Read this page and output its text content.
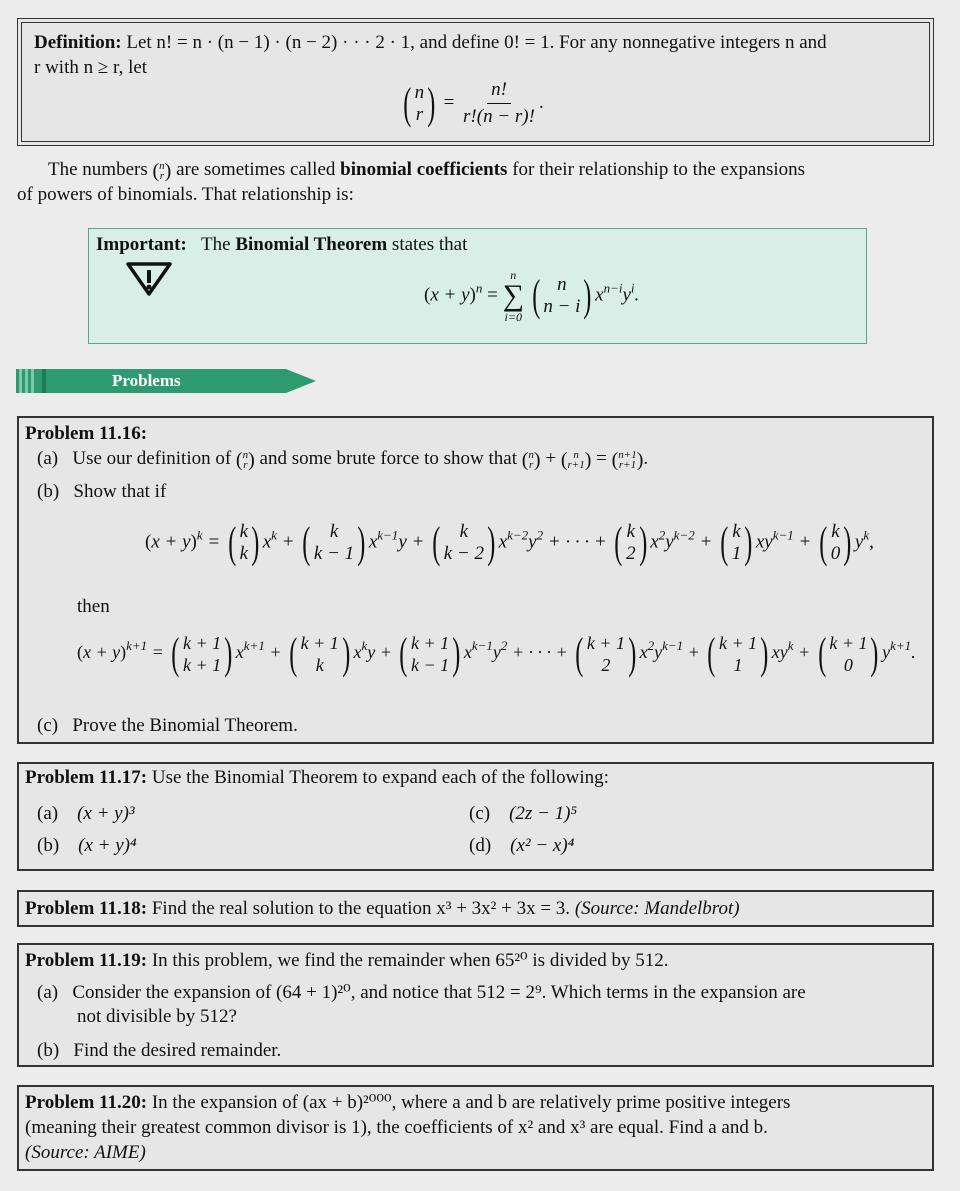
Definition: Let n! = n · (n − 1) · (n − 2) · · · 2 · 1, and define 0! = 1. For any nonnegative integers n and
r with n ≥ r, let
( n
r ) = $\frac{n!}{r!(n - r)!}$ .
The numbers ( n
r ) are sometimes called binomial coefficients for their relationship to the expansions
of powers of binomials. That relationship is:
Important: The Binomial Theorem states that
$(x + y)^n$ =
n
∑
i=0
( n
n − i ) $x^{n-i}y^i$.
Problems
Problem 11.16:
(a) Use our definition of ( n
r ) and some brute force to show that ( n
r ) + ( n
r+1 ) = ( n+1
r+1 ) .
(b) Show that if
$(x + y)^k$ = ( k
k ) $x^k$ + ( k
k − 1 ) $x^{k-1}y$ + ( k
k − 2 ) $x^{k-2}y^2$ + · · · + ( k
2 ) $x^2y^{k-2}$ + ( k
1 ) $xy^{k-1}$ + ( k
0 ) $y^k$,
then
$(x + y)^{k+1}$ = ( k + 1
k + 1 ) $x^{k+1}$ + ( k + 1
k ) $x^ky$ + ( k + 1
k − 1 ) $x^{k-1}y^2$ + · · · + ( k + 1
2 ) $x^2y^{k-1}$ + ( k + 1
1 ) $xy^k$ + ( k + 1
0 ) $y^{k+1}$.
(c) Prove the Binomial Theorem.
Problem 11.17: Use the Binomial Theorem to expand each of the following:
(a) (x + y)³
(b) (x + y)⁴
(c) (2z − 1)⁵
(d) (x² − x)⁴
Problem 11.18: Find the real solution to the equation x³ + 3x² + 3x = 3. (Source: Mandelbrot)
Problem 11.19: In this problem, we find the remainder when 65²⁰ is divided by 512.
(a) Consider the expansion of (64 + 1)²⁰, and notice that 512 = 2⁹. Which terms in the expansion are
not divisible by 512?
(b) Find the desired remainder.
Problem 11.20: In the expansion of (ax + b)²⁰⁰⁰, where a and b are relatively prime positive integers
(meaning their greatest common divisor is 1), the coefficients of x² and x³ are equal. Find a and b.
(Source: AIME)
